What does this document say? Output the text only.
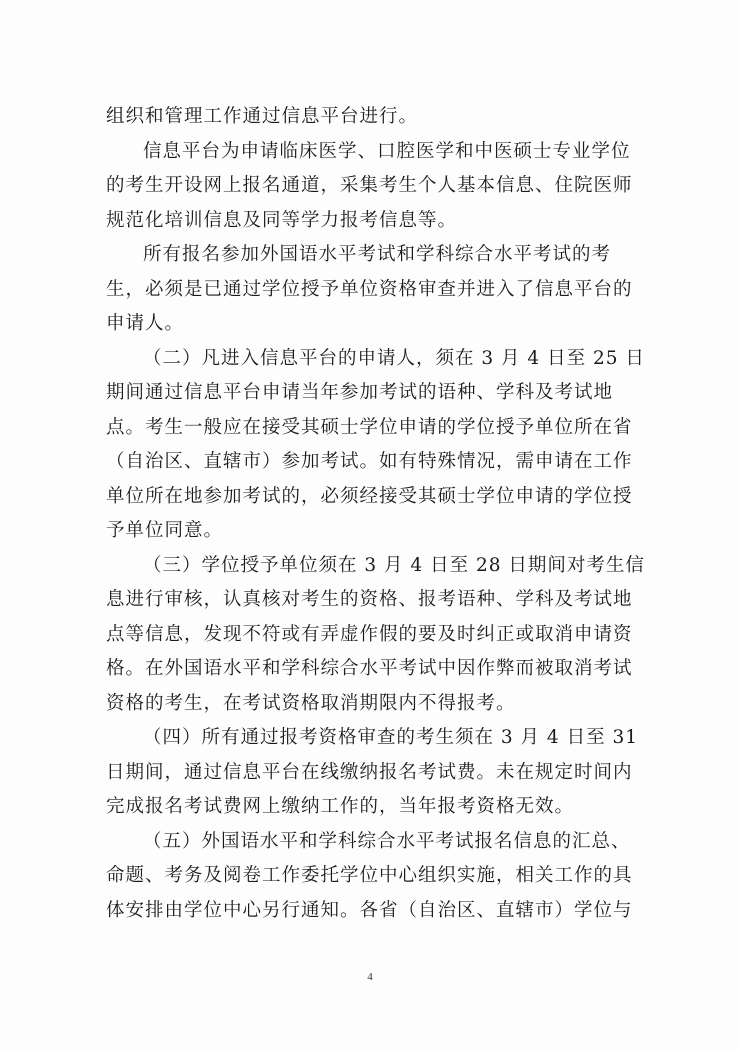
组织和管理工作通过信息平台进行。
信息平台为申请临床医学、口腔医学和中医硕士专业学位
的考生开设网上报名通道，采集考生个人基本信息、住院医师
规范化培训信息及同等学力报考信息等。
所有报名参加外国语水平考试和学科综合水平考试的考
生，必须是已通过学位授予单位资格审查并进入了信息平台的
申请人。
（二）凡进入信息平台的申请人，须在 3 月 4 日至 25 日
期间通过信息平台申请当年参加考试的语种、学科及考试地
点。考生一般应在接受其硕士学位申请的学位授予单位所在省
（自治区、直辖市）参加考试。如有特殊情况，需申请在工作
单位所在地参加考试的，必须经接受其硕士学位申请的学位授
予单位同意。
（三）学位授予单位须在 3 月 4 日至 28 日期间对考生信
息进行审核，认真核对考生的资格、报考语种、学科及考试地
点等信息，发现不符或有弄虚作假的要及时纠正或取消申请资
格。在外国语水平和学科综合水平考试中因作弊而被取消考试
资格的考生，在考试资格取消期限内不得报考。
（四）所有通过报考资格审查的考生须在 3 月 4 日至 31
日期间，通过信息平台在线缴纳报名考试费。未在规定时间内
完成报名考试费网上缴纳工作的，当年报考资格无效。
（五）外国语水平和学科综合水平考试报名信息的汇总、
命题、考务及阅卷工作委托学位中心组织实施，相关工作的具
体安排由学位中心另行通知。各省（自治区、直辖市）学位与
4
